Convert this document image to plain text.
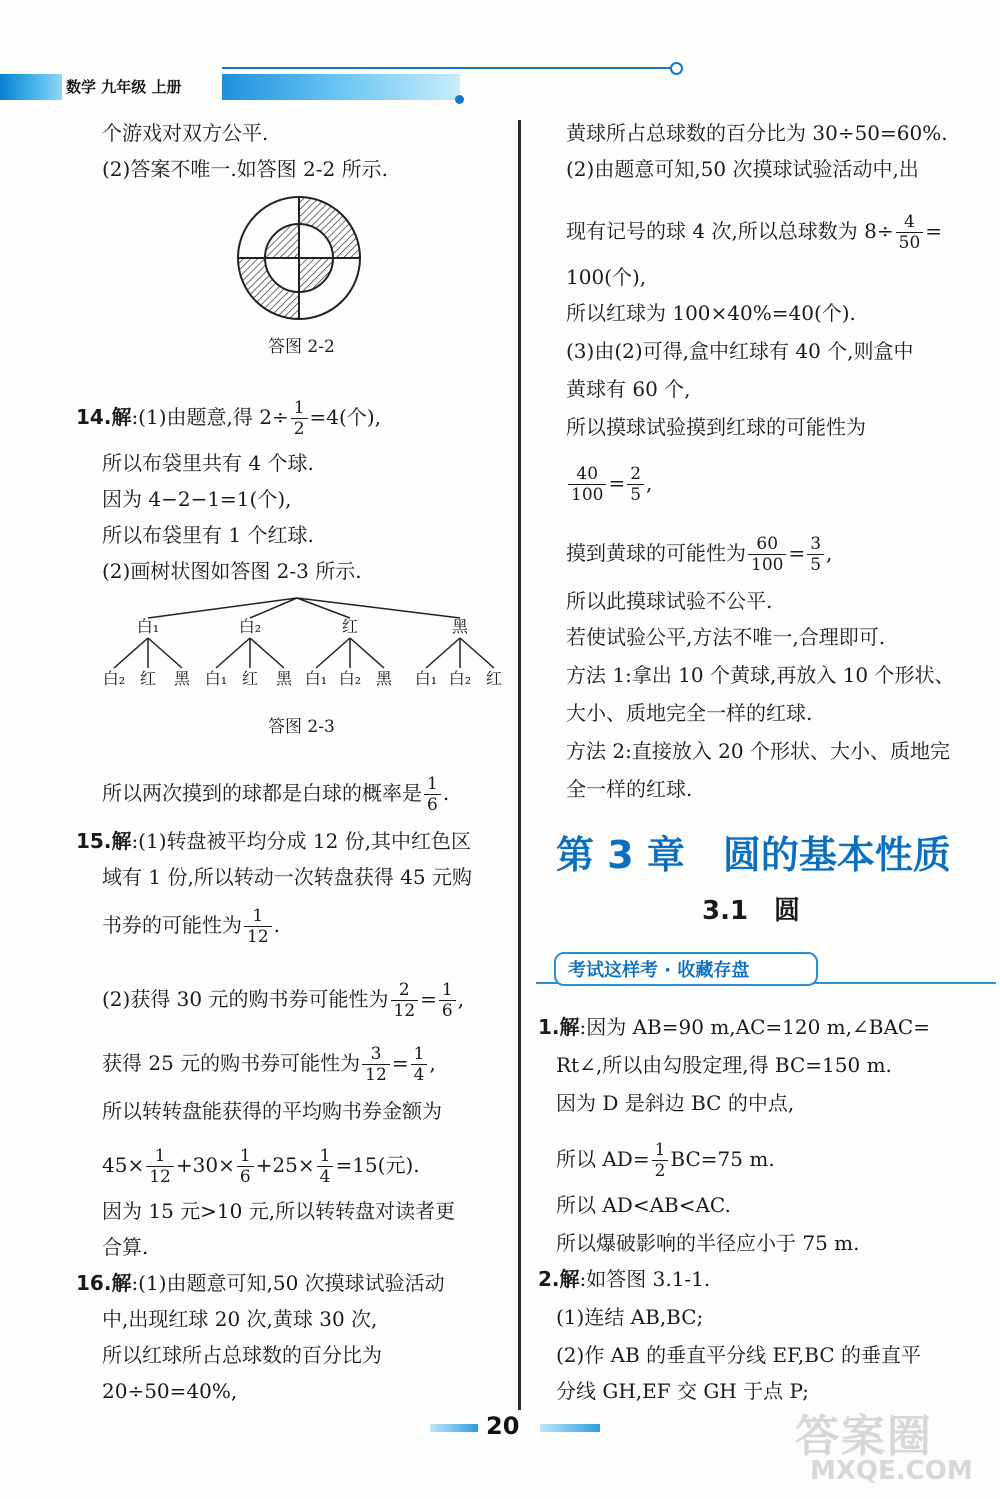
数学 九年级 上册
个游戏对双方公平.
(2)答案不唯一.如答图 2-2 所示.
答图 2-2
14.解:(1)由题意,得 $2\div \frac{1}{2} =4$(个),
所以布袋里共有 4 个球.
因为 4−2−1=1(个),
所以布袋里有 1 个红球.
(2)画树状图如答图 2-3 所示.
白₁
白₂ 红 黑
白₂
白₁ 红 黑
红
白₁ 白₂ 黑
黑
白₁ 白₂ 红
答图 2-3
所以两次摸到的球都是白球的概率是 $\frac{1}{6}$ .
15.解:(1)转盘被平均分成 12 份,其中红色区
域有 1 份,所以转动一次转盘获得 45 元购
书券的可能性为 $\frac{1}{12}$ .
(2)获得 30 元的购书券可能性为 $\frac{2}{12} = \frac{1}{6}$ ,
获得 25 元的购书券可能性为 $\frac{3}{12} = \frac{1}{4}$ ,
所以转转盘能获得的平均购书券金额为
$45\times \frac{1}{12} +30\times \frac{1}{6} +25\times \frac{1}{4} =15$(元).
因为 15 元>10 元,所以转转盘对读者更
合算.
16.解:(1)由题意可知,50 次摸球试验活动
中,出现红球 20 次,黄球 30 次,
所以红球所占总球数的百分比为
20÷50=40%,
黄球所占总球数的百分比为 30÷50=60%.
(2)由题意可知,50 次摸球试验活动中,出
现有记号的球 4 次,所以总球数为 $8\div \frac{4}{50}$ =
100(个),
所以红球为 100×40%=40(个).
(3)由(2)可得,盒中红球有 40 个,则盒中
黄球有 60 个,
所以摸球试验摸到红球的可能性为
$\frac{40}{100} = \frac{2}{5}$ ,
摸到黄球的可能性为 $\frac{60}{100} = \frac{3}{5}$ ,
所以此摸球试验不公平.
若使试验公平,方法不唯一,合理即可.
方法 1:拿出 10 个黄球,再放入 10 个形状、
大小、质地完全一样的红球.
方法 2:直接放入 20 个形状、大小、质地完
全一样的红球.
第 3 章　圆的基本性质
3.1　圆
考试这样考 · 收藏存盘
1.解:因为 AB=90 m,AC=120 m,∠BAC=
Rt∠,所以由勾股定理,得 BC=150 m.
因为 D 是斜边 BC 的中点,
所以 $AD= \frac{1}{2} BC=75$ m.
所以 AD<AB<AC.
所以爆破影响的半径应小于 75 m.
2.解:如答图 3.1-1.
(1)连结 AB,BC;
(2)作 AB 的垂直平分线 EF,BC 的垂直平
分线 GH,EF 交 GH 于点 P;
20	答案圈
MXQE.COM
